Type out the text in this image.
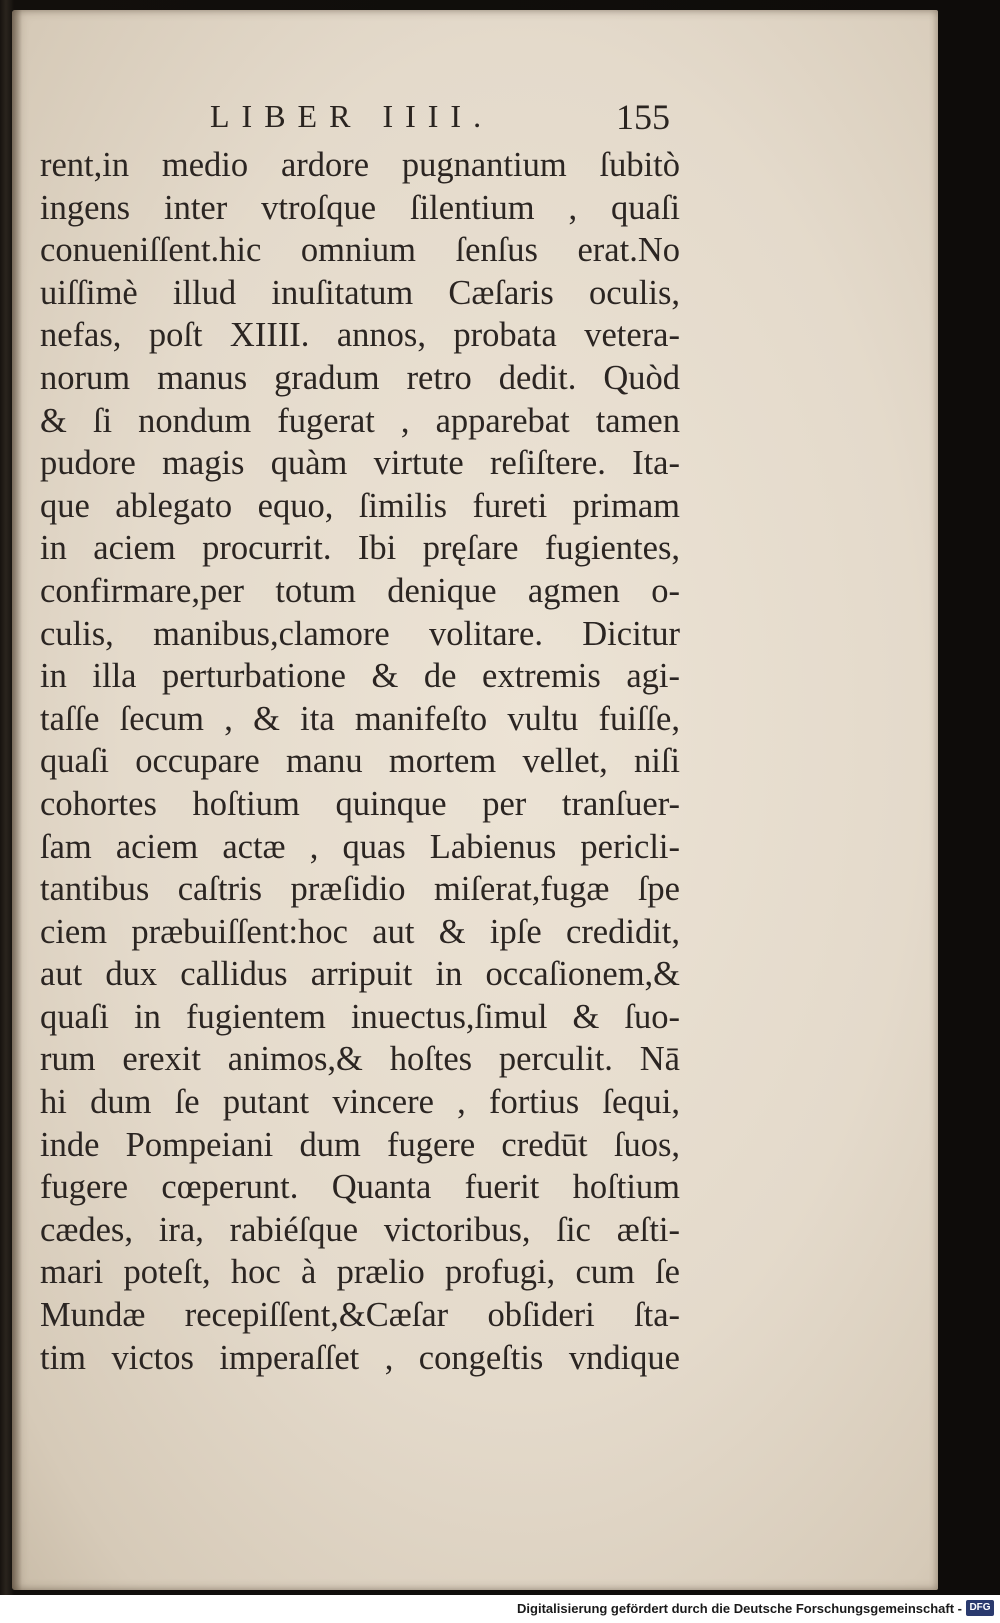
LIBER IIII.	155
rent,in medio ardore pugnantium ſubitò
ingens inter vtroſque ſilentium , quaſi
conueniſſent.hic omnium ſenſus erat.No
uiſſimè illud inuſitatum Cæſaris oculis,
nefas, poſt XIIII. annos, probata vetera-
norum manus gradum retro dedit. Quòd
& ſi nondum fugerat , apparebat tamen
pudore magis quàm virtute reſiſtere. Ita-
que ablegato equo, ſimilis fureti primam
in aciem procurrit. Ibi pręſare fugientes,
confirmare,per totum denique agmen o-
culis, manibus,clamore volitare. Dicitur
in illa perturbatione & de extremis agi-
taſſe ſecum , & ita manifeſto vultu fuiſſe,
quaſi occupare manu mortem vellet, niſi
cohortes hoſtium quinque per tranſuer-
ſam aciem actæ , quas Labienus pericli-
tantibus caſtris præſidio miſerat,fugæ ſpe
ciem præbuiſſent:hoc aut & ipſe credidit,
aut dux callidus arripuit in occaſionem,&
quaſi in fugientem inuectus,ſimul & ſuo-
rum erexit animos,& hoſtes perculit. Nā
hi dum ſe putant vincere , fortius ſequi,
inde Pompeiani dum fugere credūt ſuos,
fugere cœperunt. Quanta fuerit hoſtium
cædes, ira, rabiéſque victoribus, ſic æſti-
mari poteſt, hoc à prælio profugi, cum ſe
Mundæ recepiſſent,&Cæſar obſideri ſta-
tim victos imperaſſet , congeſtis vndique
Digitalisierung gefördert durch die Deutsche Forschungsgemeinschaft - DFG
